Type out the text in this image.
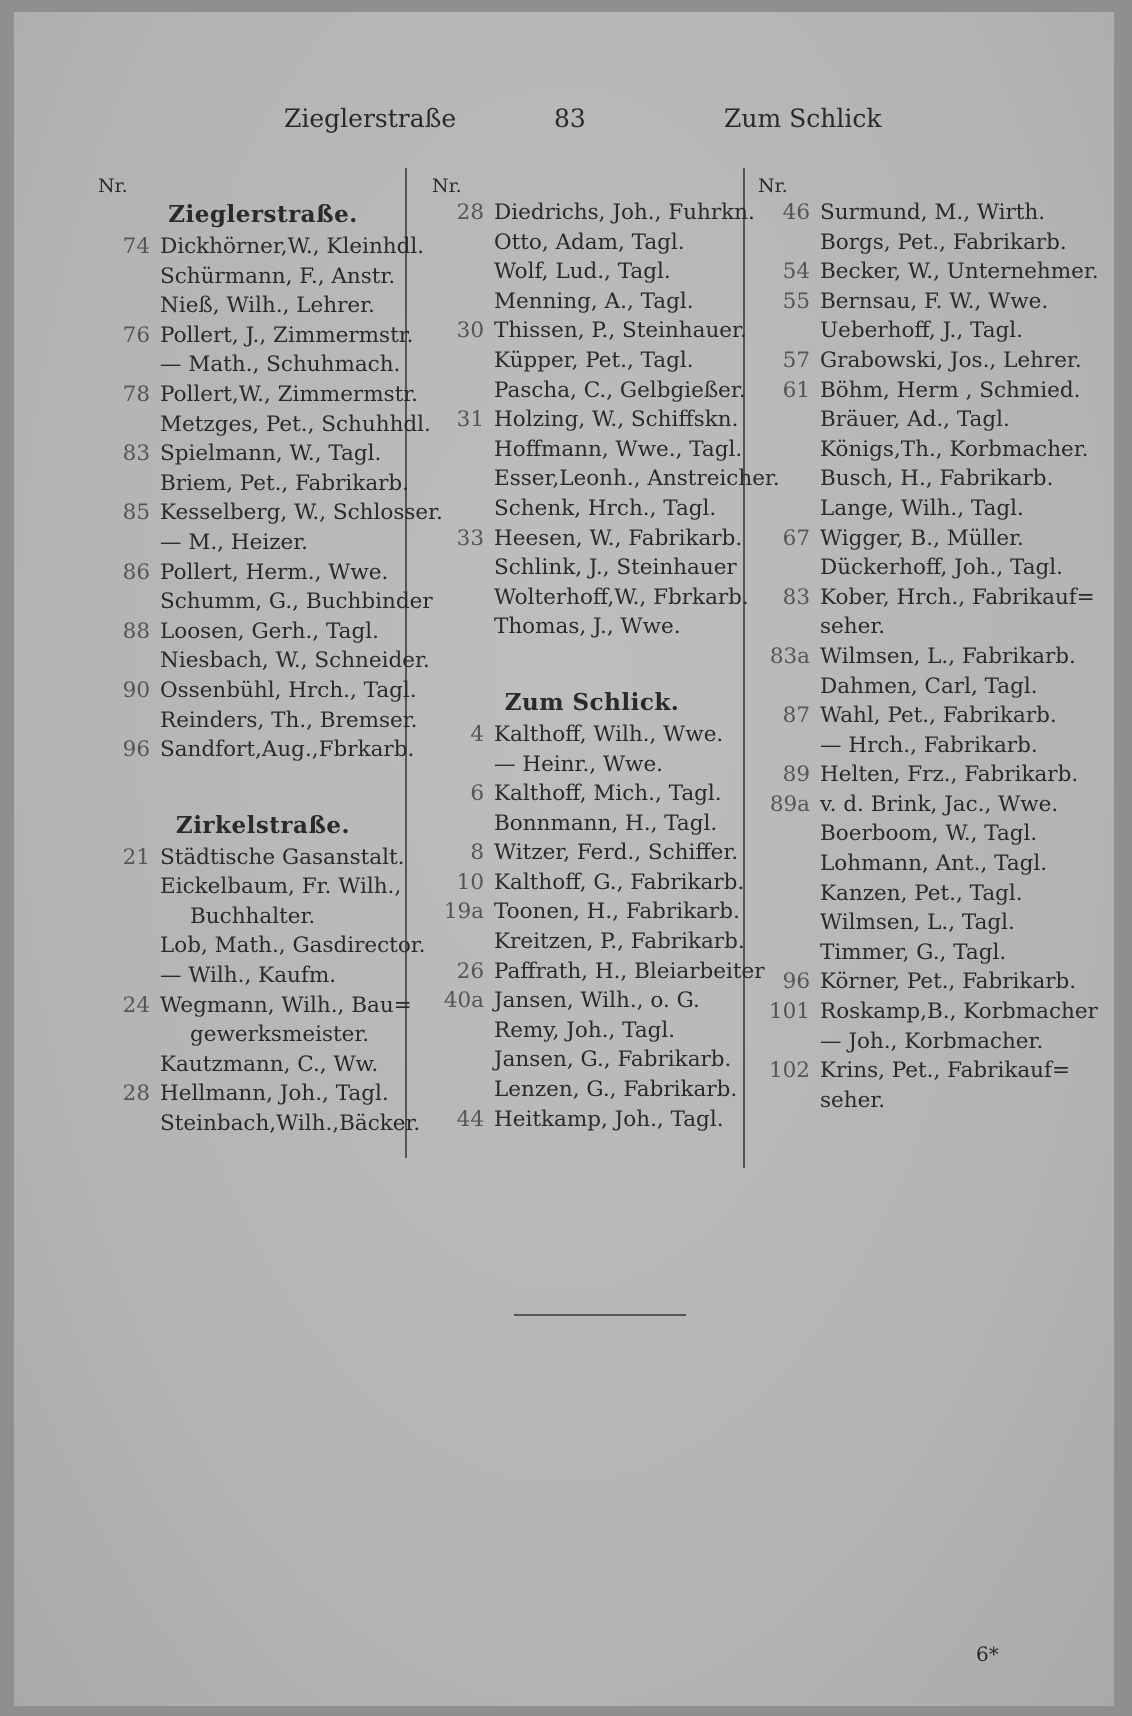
Zieglerstraße	83	Zum Schlick
Nr.
Zieglerstraße.
74 Dickhörner,W., Kleinhdl.
Schürmann, F., Anstr.
Nieß, Wilh., Lehrer.
76 Pollert, J., Zimmermstr.
— Math., Schuhmach.
78 Pollert,W., Zimmermstr.
Metzges, Pet., Schuhhdl.
83 Spielmann, W., Tagl.
Briem, Pet., Fabrikarb.
85 Kesselberg, W., Schlosser.
— M., Heizer.
86 Pollert, Herm., Wwe.
Schumm, G., Buchbinder
88 Loosen, Gerh., Tagl.
Niesbach, W., Schneider.
90 Ossenbühl, Hrch., Tagl.
Reinders, Th., Bremser.
96 Sandfort,Aug.,Fbrkarb.
Zirkelstraße.
21 Städtische Gasanstalt.
Eickelbaum, Fr. Wilh.,
Buchhalter.
Lob, Math., Gasdirector.
— Wilh., Kaufm.
24 Wegmann, Wilh., Bau=
gewerksmeister.
Kautzmann, C., Ww.
28 Hellmann, Joh., Tagl.
Steinbach,Wilh.,Bäcker.
Nr.
28 Diedrichs, Joh., Fuhrkn.
Otto, Adam, Tagl.
Wolf, Lud., Tagl.
Menning, A., Tagl.
30 Thissen, P., Steinhauer.
Küpper, Pet., Tagl.
Pascha, C., Gelbgießer.
31 Holzing, W., Schiffskn.
Hoffmann, Wwe., Tagl.
Esser,Leonh., Anstreicher.
Schenk, Hrch., Tagl.
33 Heesen, W., Fabrikarb.
Schlink, J., Steinhauer
Wolterhoff,W., Fbrkarb.
Thomas, J., Wwe.
Zum Schlick.
4 Kalthoff, Wilh., Wwe.
— Heinr., Wwe.
6 Kalthoff, Mich., Tagl.
Bonnmann, H., Tagl.
8 Witzer, Ferd., Schiffer.
10 Kalthoff, G., Fabrikarb.
19a Toonen, H., Fabrikarb.
Kreitzen, P., Fabrikarb.
26 Paffrath, H., Bleiarbeiter
40a Jansen, Wilh., o. G.
Remy, Joh., Tagl.
Jansen, G., Fabrikarb.
Lenzen, G., Fabrikarb.
44 Heitkamp, Joh., Tagl.
Nr.
46 Surmund, M., Wirth.
Borgs, Pet., Fabrikarb.
54 Becker, W., Unternehmer.
55 Bernsau, F. W., Wwe.
Ueberhoff, J., Tagl.
57 Grabowski, Jos., Lehrer.
61 Böhm, Herm , Schmied.
Bräuer, Ad., Tagl.
Königs,Th., Korbmacher.
Busch, H., Fabrikarb.
Lange, Wilh., Tagl.
67 Wigger, B., Müller.
Dückerhoff, Joh., Tagl.
83 Kober, Hrch., Fabrikauf=
seher.
83a Wilmsen, L., Fabrikarb.
Dahmen, Carl, Tagl.
87 Wahl, Pet., Fabrikarb.
— Hrch., Fabrikarb.
89 Helten, Frz., Fabrikarb.
89a v. d. Brink, Jac., Wwe.
Boerboom, W., Tagl.
Lohmann, Ant., Tagl.
Kanzen, Pet., Tagl.
Wilmsen, L., Tagl.
Timmer, G., Tagl.
96 Körner, Pet., Fabrikarb.
101 Roskamp,B., Korbmacher
— Joh., Korbmacher.
102 Krins, Pet., Fabrikauf=
seher.
6*
